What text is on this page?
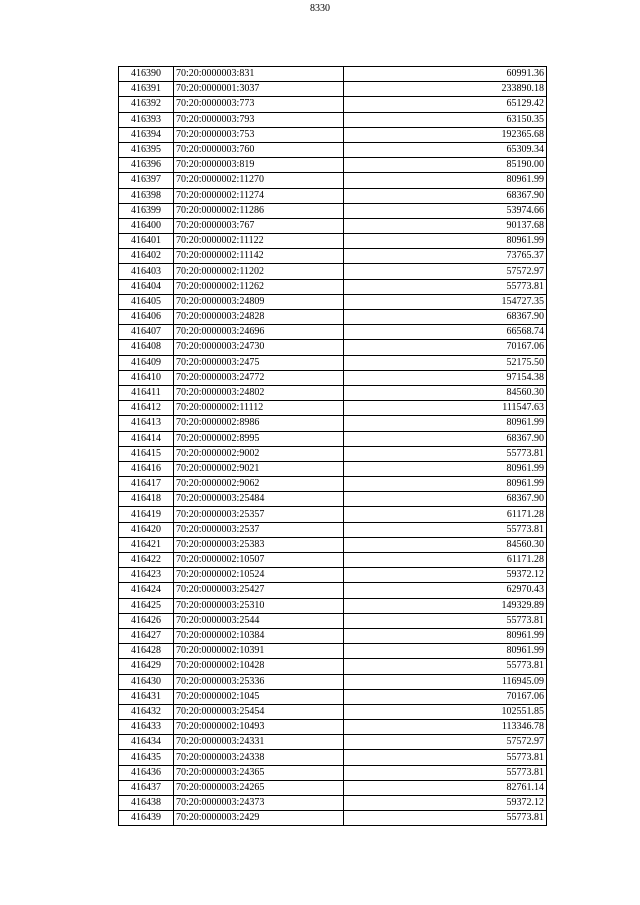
8330
416390	70:20:0000003:831	60991.36
416391	70:20:0000001:3037	233890.18
416392	70:20:0000003:773	65129.42
416393	70:20:0000003:793	63150.35
416394	70:20:0000003:753	192365.68
416395	70:20:0000003:760	65309.34
416396	70:20:0000003:819	85190.00
416397	70:20:0000002:11270	80961.99
416398	70:20:0000002:11274	68367.90
416399	70:20:0000002:11286	53974.66
416400	70:20:0000003:767	90137.68
416401	70:20:0000002:11122	80961.99
416402	70:20:0000002:11142	73765.37
416403	70:20:0000002:11202	57572.97
416404	70:20:0000002:11262	55773.81
416405	70:20:0000003:24809	154727.35
416406	70:20:0000003:24828	68367.90
416407	70:20:0000003:24696	66568.74
416408	70:20:0000003:24730	70167.06
416409	70:20:0000003:2475	52175.50
416410	70:20:0000003:24772	97154.38
416411	70:20:0000003:24802	84560.30
416412	70:20:0000002:11112	111547.63
416413	70:20:0000002:8986	80961.99
416414	70:20:0000002:8995	68367.90
416415	70:20:0000002:9002	55773.81
416416	70:20:0000002:9021	80961.99
416417	70:20:0000002:9062	80961.99
416418	70:20:0000003:25484	68367.90
416419	70:20:0000003:25357	61171.28
416420	70:20:0000003:2537	55773.81
416421	70:20:0000003:25383	84560.30
416422	70:20:0000002:10507	61171.28
416423	70:20:0000002:10524	59372.12
416424	70:20:0000003:25427	62970.43
416425	70:20:0000003:25310	149329.89
416426	70:20:0000003:2544	55773.81
416427	70:20:0000002:10384	80961.99
416428	70:20:0000002:10391	80961.99
416429	70:20:0000002:10428	55773.81
416430	70:20:0000003:25336	116945.09
416431	70:20:0000002:1045	70167.06
416432	70:20:0000003:25454	102551.85
416433	70:20:0000002:10493	113346.78
416434	70:20:0000003:24331	57572.97
416435	70:20:0000003:24338	55773.81
416436	70:20:0000003:24365	55773.81
416437	70:20:0000003:24265	82761.14
416438	70:20:0000003:24373	59372.12
416439	70:20:0000003:2429	55773.81
